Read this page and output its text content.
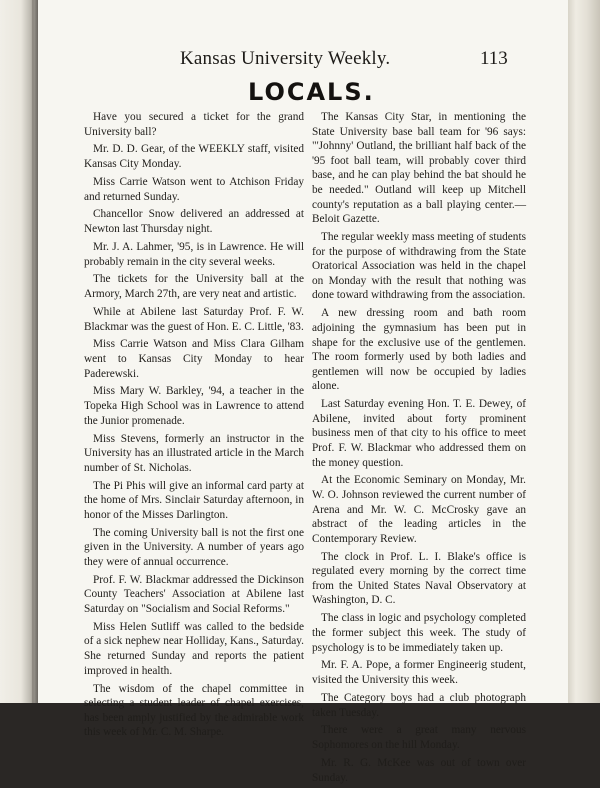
Kansas University Weekly.	113
LOCALS.

Have you secured a ticket for the grand University ball?

Mr. D. D. Gear, of the WEEKLY staff, visited Kansas City Monday.

Miss Carrie Watson went to Atchison Friday and returned Sunday.

Chancellor Snow delivered an addressed at Newton last Thursday night.

Mr. J. A. Lahmer, '95, is in Lawrence. He will probably remain in the city several weeks.

The tickets for the University ball at the Armory, March 27th, are very neat and artistic.

While at Abilene last Saturday Prof. F. W. Blackmar was the guest of Hon. E. C. Little, '83.

Miss Carrie Watson and Miss Clara Gilham went to Kansas City Monday to hear Paderewski.

Miss Mary W. Barkley, '94, a teacher in the Topeka High School was in Lawrence to attend the Junior promenade.

Miss Stevens, formerly an instructor in the University has an illustrated article in the March number of St. Nicholas.

The Pi Phis will give an informal card party at the home of Mrs. Sinclair Saturday afternoon, in honor of the Misses Darlington.

The coming University ball is not the first one given in the University. A number of years ago they were of annual occurrence.

Prof. F. W. Blackmar addressed the Dickinson County Teachers' Association at Abilene last Saturday on "Socialism and Social Reforms."

Miss Helen Sutliff was called to the bedside of a sick nephew near Holliday, Kans., Saturday. She returned Sunday and reports the patient improved in health.

The wisdom of the chapel committee in selecting a student leader of chapel exercises, has been amply justified by the admirable work this week of Mr. C. M. Sharpe.

The Kansas City Star, in mentioning the State University base ball team for '96 says: "'Johnny' Outland, the brilliant half back of the '95 foot ball team, will probably cover third base, and he can play behind the bat should he be needed." Outland will keep up Mitchell county's reputation as a ball playing center.—Beloit Gazette.

The regular weekly mass meeting of students for the purpose of withdrawing from the State Oratorical Association was held in the chapel on Monday with the result that nothing was done toward withdrawing from the association.

A new dressing room and bath room adjoining the gymnasium has been put in shape for the exclusive use of the gentlemen. The room formerly used by both ladies and gentlemen will now be occupied by ladies alone.

Last Saturday evening Hon. T. E. Dewey, of Abilene, invited about forty prominent business men of that city to his office to meet Prof. F. W. Blackmar who addressed them on the money question.

At the Economic Seminary on Monday, Mr. W. O. Johnson reviewed the current number of Arena and Mr. W. C. McCrosky gave an abstract of the leading articles in the Contemporary Review.

The clock in Prof. L. I. Blake's office is regulated every morning by the correct time from the United States Naval Observatory at Washington, D. C.

The class in logic and psychology completed the former subject this week. The study of psychology is to be immediately taken up.

Mr. F. A. Pope, a former Engineerig student, visited the University this week.

The Category boys had a club photograph taken Tuesday.

There were a great many nervous Sophomores on the hill Monday.

Mr. R. G. McKee was out of town over Sunday.
